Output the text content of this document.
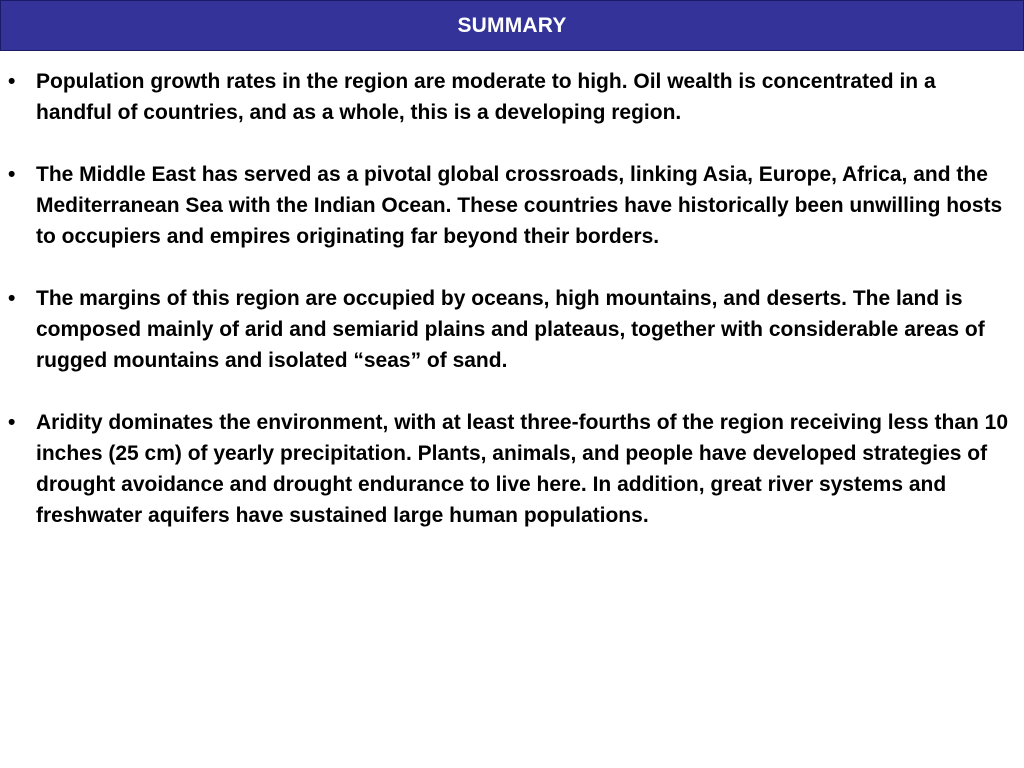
SUMMARY
• Population growth rates in the region are moderate to high. Oil wealth is concentrated in a handful of countries, and as a whole, this is a developing region.
• The Middle East has served as a pivotal global crossroads, linking Asia, Europe, Africa, and the Mediterranean Sea with the Indian Ocean. These countries have historically been unwilling hosts to occupiers and empires originating far beyond their borders.
• The margins of this region are occupied by oceans, high mountains, and deserts. The land is composed mainly of arid and semiarid plains and plateaus, together with considerable areas of rugged mountains and isolated “seas” of sand.
• Aridity dominates the environment, with at least three-fourths of the region receiving less than 10 inches (25 cm) of yearly precipitation. Plants, animals, and people have developed strategies of drought avoidance and drought endurance to live here. In addition, great river systems and freshwater aquifers have sustained large human populations.
